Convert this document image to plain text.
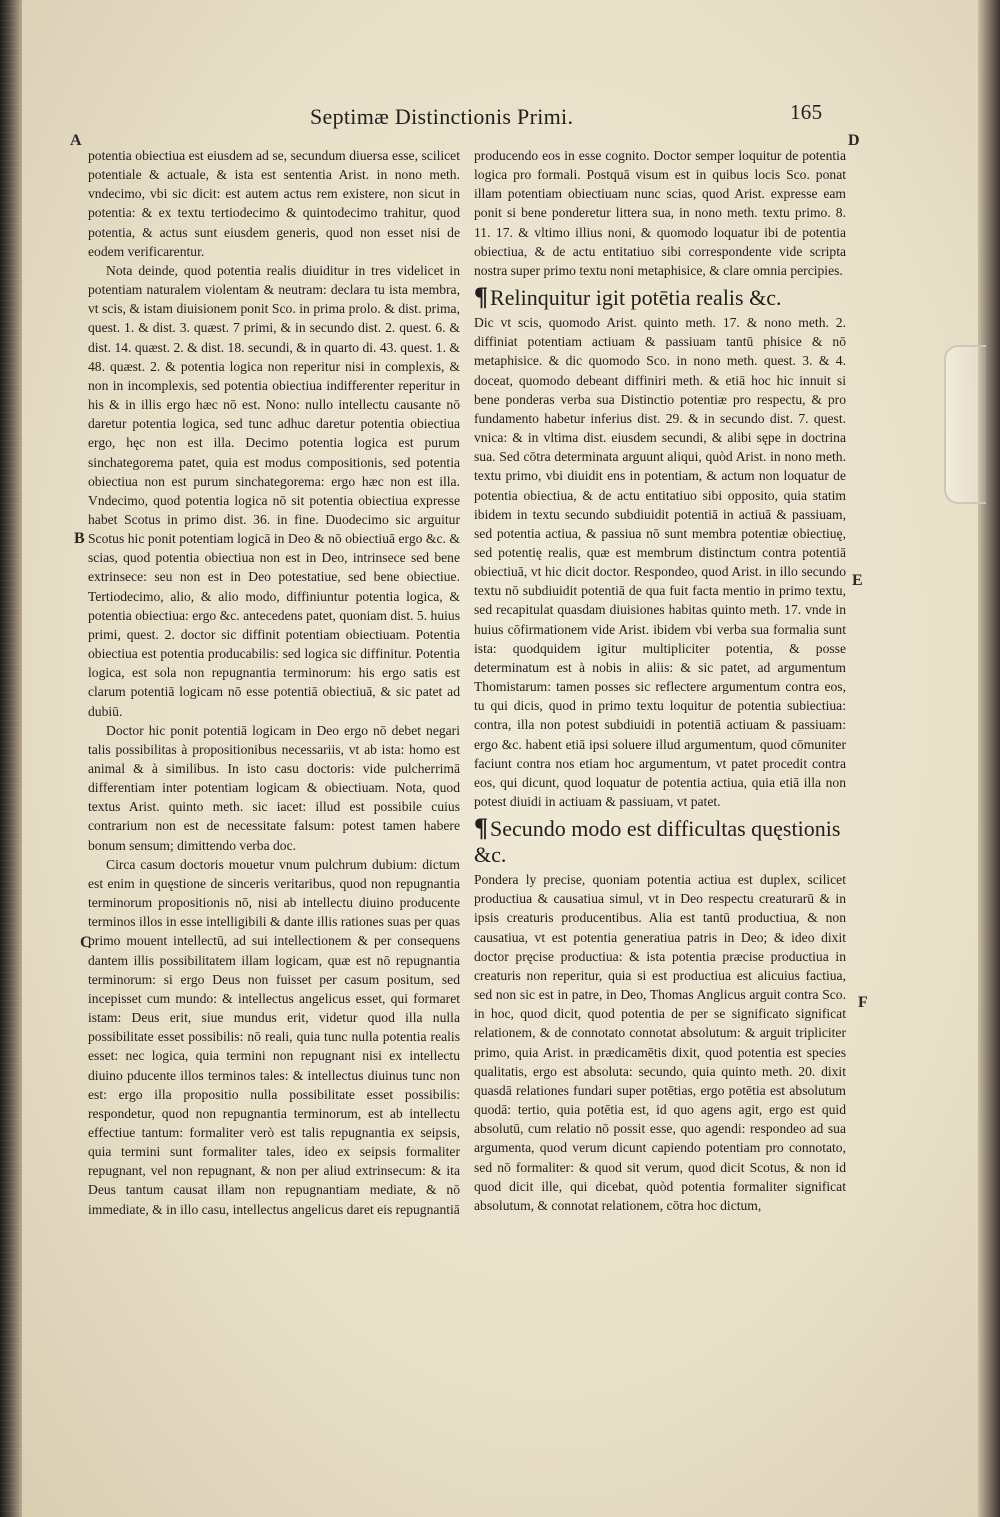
Septimæ Distinctionis Primi.	165
A	D
B
E
C
F

potentia obiectiua est eiusdem ad se, secundum diuersa esse, scilicet potentiale & actuale, & ista est sententia Arist. in nono meth. vndecimo, vbi sic dicit: est autem actus rem existere, non sicut in potentia: & ex textu tertiodecimo & quintodecimo trahitur, quod potentia, & actus sunt eiusdem generis, quod non esset nisi de eodem verificarentur.

Nota deinde, quod potentia realis diuiditur in tres videlicet in potentiam naturalem violentam & neutram: declara tu ista membra, vt scis, & istam diuisionem ponit Sco. in prima prolo. & dist. prima, quest. 1. & dist. 3. quæst. 7 primi, & in secundo dist. 2. quest. 6. & dist. 14. quæst. 2. & dist. 18. secundi, & in quarto di. 43. quest. 1. & 48. quæst. 2. & potentia logica non reperitur nisi in complexis, & non in incomplexis, sed potentia obiectiua indifferenter reperitur in his & in illis ergo hæc nō est. Nono: nullo intellectu causante nō daretur potentia logica, sed tunc adhuc daretur potentia obiectiua ergo, hęc non est illa. Decimo potentia logica est purum sinchategorema patet, quia est modus compositionis, sed potentia obiectiua non est purum sinchategorema: ergo hæc non est illa. Vndecimo, quod potentia logica nō sit potentia obiectiua expresse habet Scotus in primo dist. 36. in fine. Duodecimo sic arguitur Scotus hic ponit potentiam logicā in Deo & nō obiectiuā ergo &c. & scias, quod potentia obiectiua non est in Deo, intrinsece sed bene extrinsece: seu non est in Deo potestatiue, sed bene obiectiue. Tertiodecimo, alio, & alio modo, diffiniuntur potentia logica, & potentia obiectiua: ergo &c. antecedens patet, quoniam dist. 5. huius primi, quest. 2. doctor sic diffinit potentiam obiectiuam. Potentia obiectiua est potentia producabilis: sed logica sic diffinitur. Potentia logica, est sola non repugnantia terminorum: his ergo satis est clarum potentiā logicam nō esse potentiā obiectiuā, & sic patet ad dubiū.

Doctor hic ponit potentiā logicam in Deo ergo nō debet negari talis possibilitas à propositionibus necessariis, vt ab ista: homo est animal & à similibus. In isto casu doctoris: vide pulcherrimā differentiam inter potentiam logicam & obiectiuam. Nota, quod textus Arist. quinto meth. sic iacet: illud est possibile cuius contrarium non est de necessitate falsum: potest tamen habere bonum sensum; dimittendo verba doc.

Circa casum doctoris mouetur vnum pulchrum dubium: dictum est enim in quęstione de sinceris veritaribus, quod non repugnantia terminorum propositionis nō, nisi ab intellectu diuino producente terminos illos in esse intelligibili & dante illis rationes suas per quas primo mouent intellectū, ad sui intellectionem & per consequens dantem illis possibilitatem illam logicam, quæ est nō repugnantia terminorum: si ergo Deus non fuisset per casum positum, sed incepisset cum mundo: & intellectus angelicus esset, qui formaret istam: Deus erit, siue mundus erit, videtur quod illa nulla possibilitate esset possibilis: nō reali, quia tunc nulla potentia realis esset: nec logica, quia termini non repugnant nisi ex intellectu diuino pducente illos terminos tales: & intellectus diuinus tunc non est: ergo illa propositio nulla possibilitate esset possibilis: respondetur, quod non repugnantia terminorum, est ab intellectu effectiue tantum: formaliter verò est talis repugnantia ex seipsis, quia termini sunt formaliter tales, ideo ex seipsis formaliter repugnant, vel non repugnant, & non per aliud extrinsecum: & ita Deus tantum causat illam non repugnantiam mediate, & nō immediate, & in illo casu, intellectus angelicus daret eis repugnantiā

producendo eos in esse cognito. Doctor semper loquitur de potentia logica pro formali. Postquā visum est in quibus locis Sco. ponat illam potentiam obiectiuam nunc scias, quod Arist. expresse eam ponit si bene ponderetur littera sua, in nono meth. textu primo. 8. 11. 17. & vltimo illius noni, & quomodo loquatur ibi de potentia obiectiua, & de actu entitatiuo sibi correspondente vide scripta nostra super primo textu noni metaphisice, & clare omnia percipies.

¶Relinquitur igit potētia realis &c.

Dic vt scis, quomodo Arist. quinto meth. 17. & nono meth. 2. diffiniat potentiam actiuam & passiuam tantū phisice & nō metaphisice. & dic quomodo Sco. in nono meth. quest. 3. & 4. doceat, quomodo debeant diffiniri meth. & etiā hoc hic innuit si bene ponderas verba sua Distinctio potentiæ pro respectu, & pro fundamento habetur inferius dist. 29. & in secundo dist. 7. quest. vnica: & in vltima dist. eiusdem secundi, & alibi sępe in doctrina sua. Sed cōtra determinata arguunt aliqui, quòd Arist. in nono meth. textu primo, vbi diuidit ens in potentiam, & actum non loquatur de potentia obiectiua, & de actu entitatiuo sibi opposito, quia statim ibidem in textu secundo subdiuidit potentiā in actiuā & passiuam, sed potentia actiua, & passiua nō sunt membra potentiæ obiectiuę, sed potentię realis, quæ est membrum distinctum contra potentiā obiectiuā, vt hic dicit doctor. Respondeo, quod Arist. in illo secundo textu nō subdiuidit potentiā de qua fuit facta mentio in primo textu, sed recapitulat quasdam diuisiones habitas quinto meth. 17. vnde in huius cōfirmationem vide Arist. ibidem vbi verba sua formalia sunt ista: quodquidem igitur multipliciter potentia, & posse determinatum est à nobis in aliis: & sic patet, ad argumentum Thomistarum: tamen posses sic reflectere argumentum contra eos, tu qui dicis, quod in primo textu loquitur de potentia subiectiua: contra, illa non potest subdiuidi in potentiā actiuam & passiuam: ergo &c. habent etiā ipsi soluere illud argumentum, quod cōmuniter faciunt contra nos etiam hoc argumentum, vt patet procedit contra eos, qui dicunt, quod loquatur de potentia actiua, quia etiā illa non potest diuidi in actiuam & passiuam, vt patet.

¶Secundo modo est difficultas quęstionis &c.

Pondera ly precise, quoniam potentia actiua est duplex, scilicet productiua & causatiua simul, vt in Deo respectu creaturarū & in ipsis creaturis producentibus. Alia est tantū productiua, & non causatiua, vt est potentia generatiua patris in Deo; & ideo dixit doctor pręcise productiua: & ista potentia præcise productiua in creaturis non reperitur, quia si est productiua est alicuius factiua, sed non sic est in patre, in Deo, Thomas Anglicus arguit contra Sco. in hoc, quod dicit, quod potentia de per se significato significat relationem, & de connotato connotat absolutum: & arguit tripliciter primo, quia Arist. in prædicamētis dixit, quod potentia est species qualitatis, ergo est absoluta: secundo, quia quinto meth. 20. dixit quasdā relationes fundari super potētias, ergo potētia est absolutum quodā: tertio, quia potētia est, id quo agens agit, ergo est quid absolutū, cum relatio nō possit esse, quo agendi: respondeo ad sua argumenta, quod verum dicunt capiendo potentiam pro connotato, sed nō formaliter: & quod sit verum, quod dicit Scotus, & non id quod dicit ille, qui dicebat, quòd potentia formaliter significat absolutum, & connotat relationem, cōtra hoc dictum,
